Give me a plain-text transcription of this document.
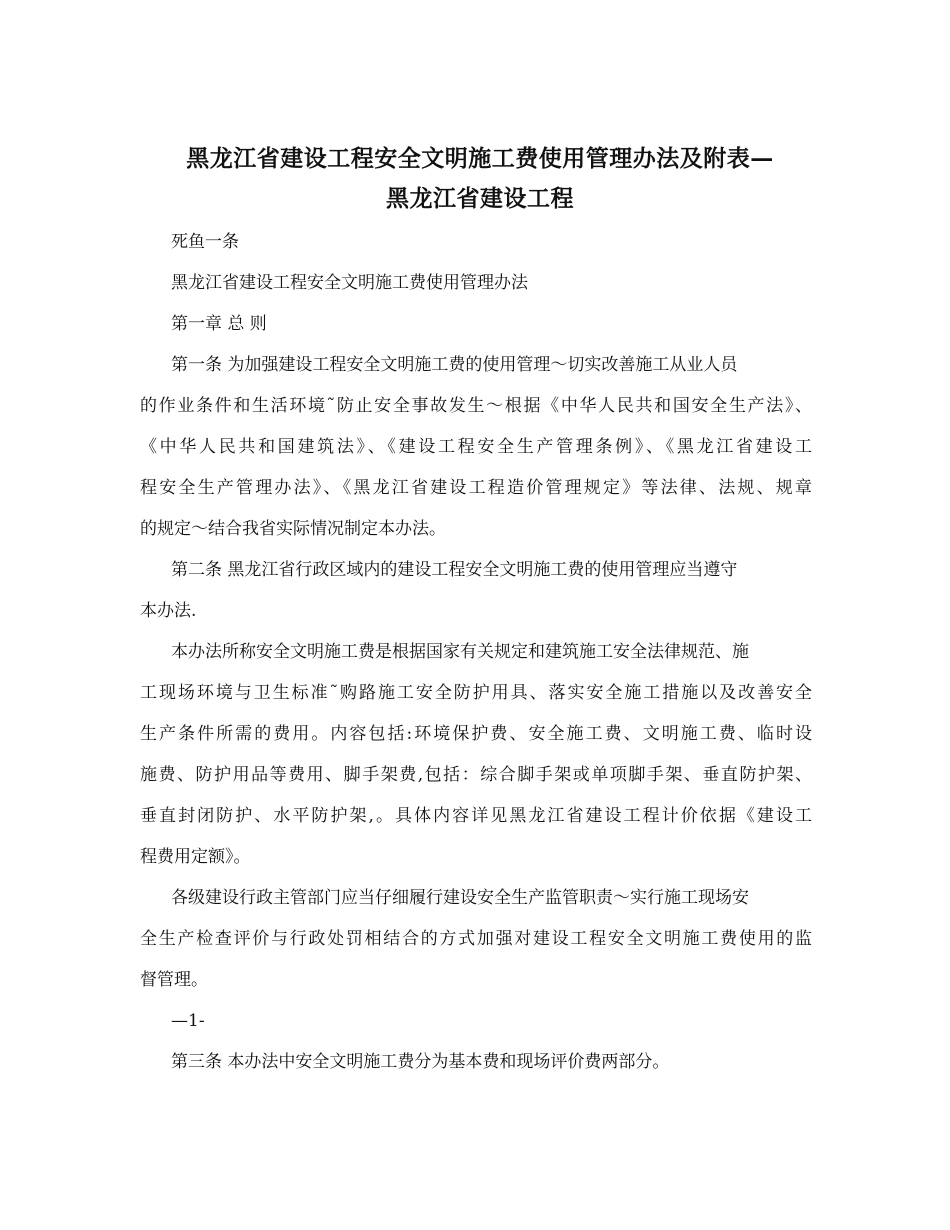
黑龙江省建设工程安全文明施工费使用管理办法及附表—
黑龙江省建设工程
死鱼一条
黑龙江省建设工程安全文明施工费使用管理办法
第一章 总 则
第一条 为加强建设工程安全文明施工费的使用管理～切实改善施工从业人员
的作业条件和生活环境˜防止安全事故发生～根据《中华人民共和国安全生产法》、
《中华人民共和国建筑法》、《建设工程安全生产管理条例》、《黑龙江省建设工
程安全生产管理办法》、《黑龙江省建设工程造价管理规定》等法律、法规、规章
的规定～结合我省实际情况制定本办法。
第二条 黑龙江省行政区域内的建设工程安全文明施工费的使用管理应当遵守
本办法.
本办法所称安全文明施工费是根据国家有关规定和建筑施工安全法律规范、施
工现场环境与卫生标准˜购路施工安全防护用具、落实安全施工措施以及改善安全
生产条件所需的费用。内容包括:环境保护费、安全施工费、文明施工费、临时设
施费、防护用品等费用、脚手架费,包括：综合脚手架或单项脚手架、垂直防护架、
垂直封闭防护、水平防护架,。具体内容详见黑龙江省建设工程计价依据《建设工
程费用定额》。
各级建设行政主管部门应当仔细履行建设安全生产监管职责～实行施工现场安
全生产检查评价与行政处罚相结合的方式加强对建设工程安全文明施工费使用的监
督管理。
—1-
第三条 本办法中安全文明施工费分为基本费和现场评价费两部分。
